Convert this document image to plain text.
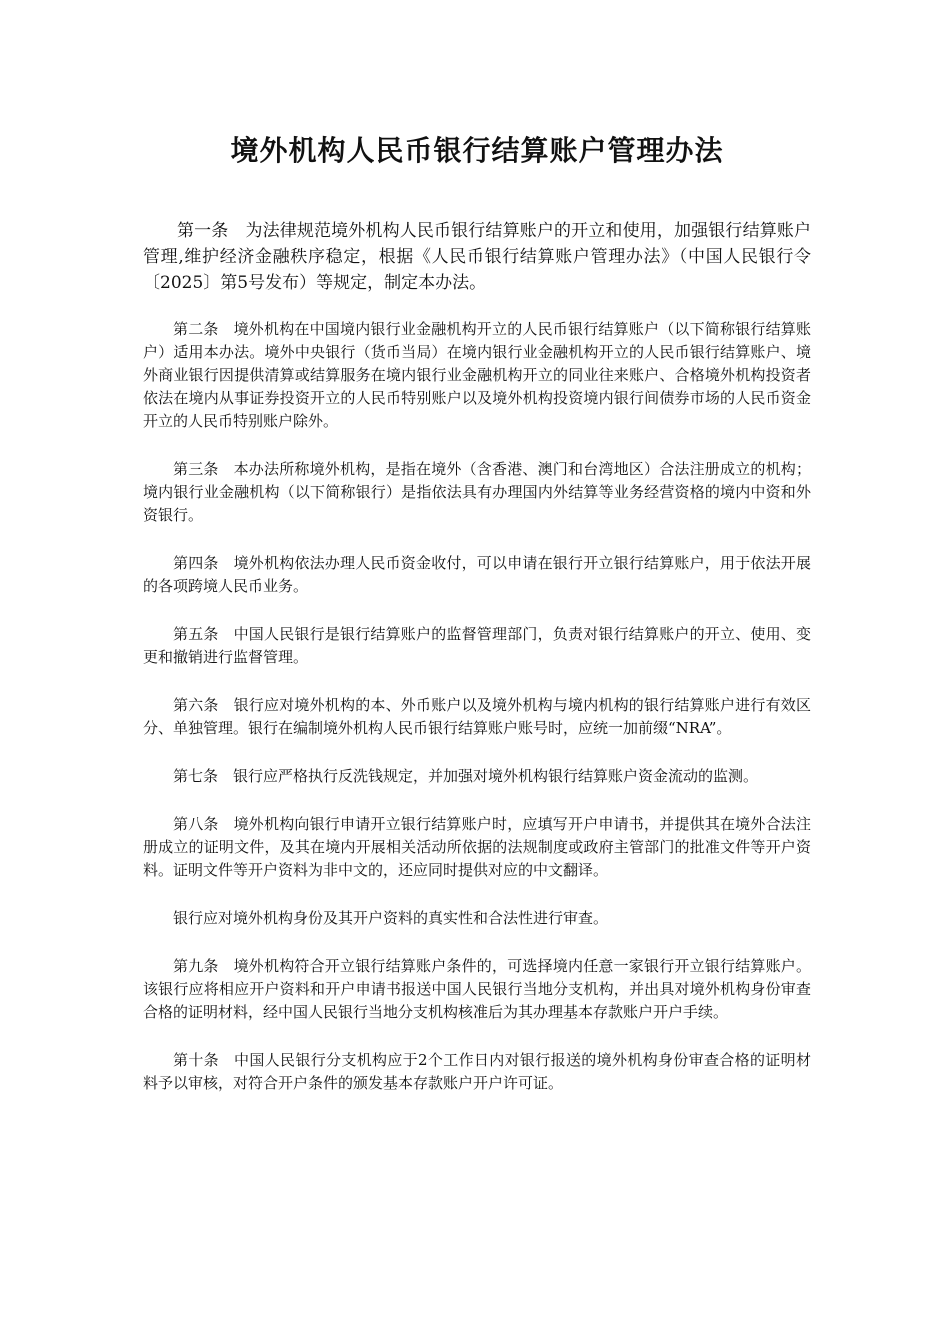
境外机构人民币银行结算账户管理办法

第一条 为法律规范境外机构人民币银行结算账户的开立和使用，加强银行结算账户管理,维护经济金融秩序稳定，根据《人民币银行结算账户管理办法》（中国人民银行令〔2025〕第5号发布）等规定，制定本办法。

第二条 境外机构在中国境内银行业金融机构开立的人民币银行结算账户（以下简称银行结算账户）适用本办法。境外中央银行（货币当局）在境内银行业金融机构开立的人民币银行结算账户、境外商业银行因提供清算或结算服务在境内银行业金融机构开立的同业往来账户、合格境外机构投资者依法在境内从事证券投资开立的人民币特别账户以及境外机构投资境内银行间债券市场的人民币资金开立的人民币特别账户除外。

第三条 本办法所称境外机构，是指在境外（含香港、澳门和台湾地区）合法注册成立的机构；境内银行业金融机构（以下简称银行）是指依法具有办理国内外结算等业务经营资格的境内中资和外资银行。

第四条 境外机构依法办理人民币资金收付，可以申请在银行开立银行结算账户，用于依法开展的各项跨境人民币业务。

第五条 中国人民银行是银行结算账户的监督管理部门，负责对银行结算账户的开立、使用、变更和撤销进行监督管理。

第六条 银行应对境外机构的本、外币账户以及境外机构与境内机构的银行结算账户进行有效区分、单独管理。银行在编制境外机构人民币银行结算账户账号时，应统一加前缀“NRA”。

第七条 银行应严格执行反洗钱规定，并加强对境外机构银行结算账户资金流动的监测。

第八条 境外机构向银行申请开立银行结算账户时，应填写开户申请书，并提供其在境外合法注册成立的证明文件，及其在境内开展相关活动所依据的法规制度或政府主管部门的批准文件等开户资料。证明文件等开户资料为非中文的，还应同时提供对应的中文翻译。

银行应对境外机构身份及其开户资料的真实性和合法性进行审查。

第九条 境外机构符合开立银行结算账户条件的，可选择境内任意一家银行开立银行结算账户。该银行应将相应开户资料和开户申请书报送中国人民银行当地分支机构，并出具对境外机构身份审查合格的证明材料，经中国人民银行当地分支机构核准后为其办理基本存款账户开户手续。

第十条 中国人民银行分支机构应于2个工作日内对银行报送的境外机构身份审查合格的证明材料予以审核，对符合开户条件的颁发基本存款账户开户许可证。
